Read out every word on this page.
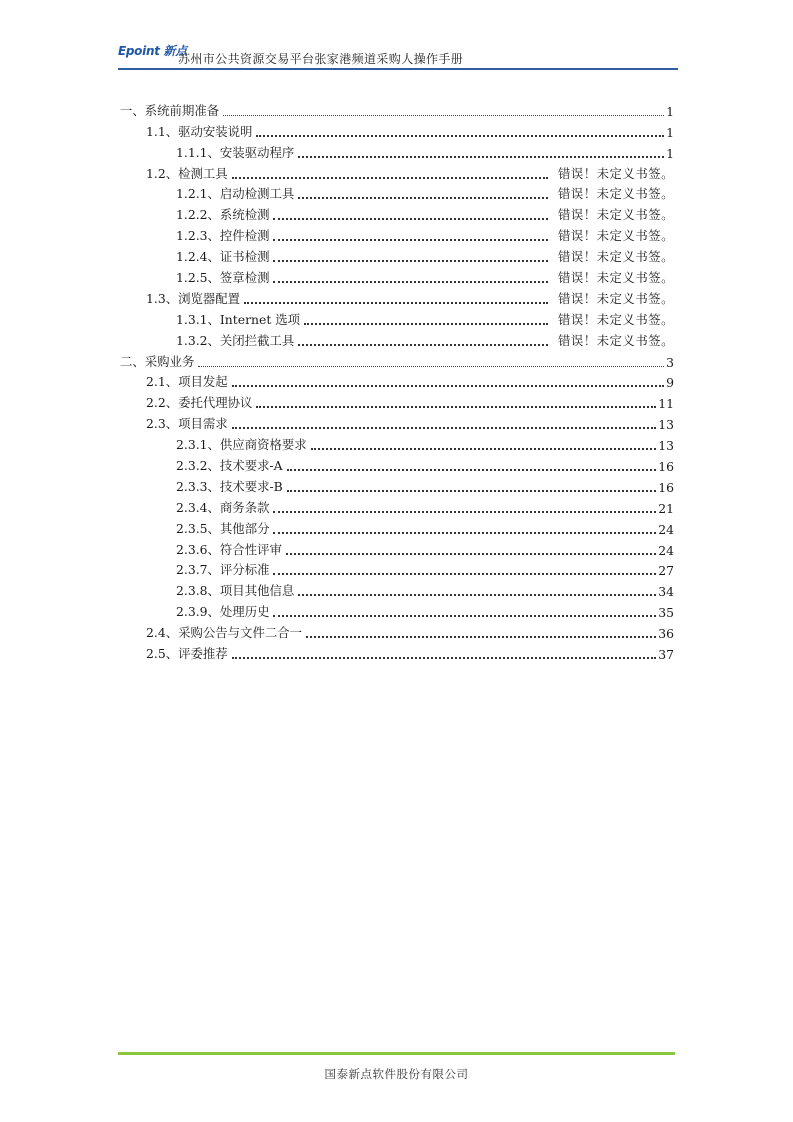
Epoint 新点
苏州市公共资源交易平台张家港频道采购人操作手册
一、系统前期准备	1
1.1、驱动安装说明	1
1.1.1、安装驱动程序	1
1.2、检测工具	错误！未定义书签。
1.2.1、启动检测工具	错误！未定义书签。
1.2.2、系统检测	错误！未定义书签。
1.2.3、控件检测	错误！未定义书签。
1.2.4、证书检测	错误！未定义书签。
1.2.5、签章检测	错误！未定义书签。
1.3、浏览器配置	错误！未定义书签。
1.3.1、Internet 选项	错误！未定义书签。
1.3.2、关闭拦截工具	错误！未定义书签。
二、采购业务	3
2.1、项目发起	9
2.2、委托代理协议	11
2.3、项目需求	13
2.3.1、供应商资格要求	13
2.3.2、技术要求-A	16
2.3.3、技术要求-B	16
2.3.4、商务条款	21
2.3.5、其他部分	24
2.3.6、符合性评审	24
2.3.7、评分标准	27
2.3.8、项目其他信息	34
2.3.9、处理历史	35
2.4、采购公告与文件二合一	36
2.5、评委推荐	37
国泰新点软件股份有限公司
